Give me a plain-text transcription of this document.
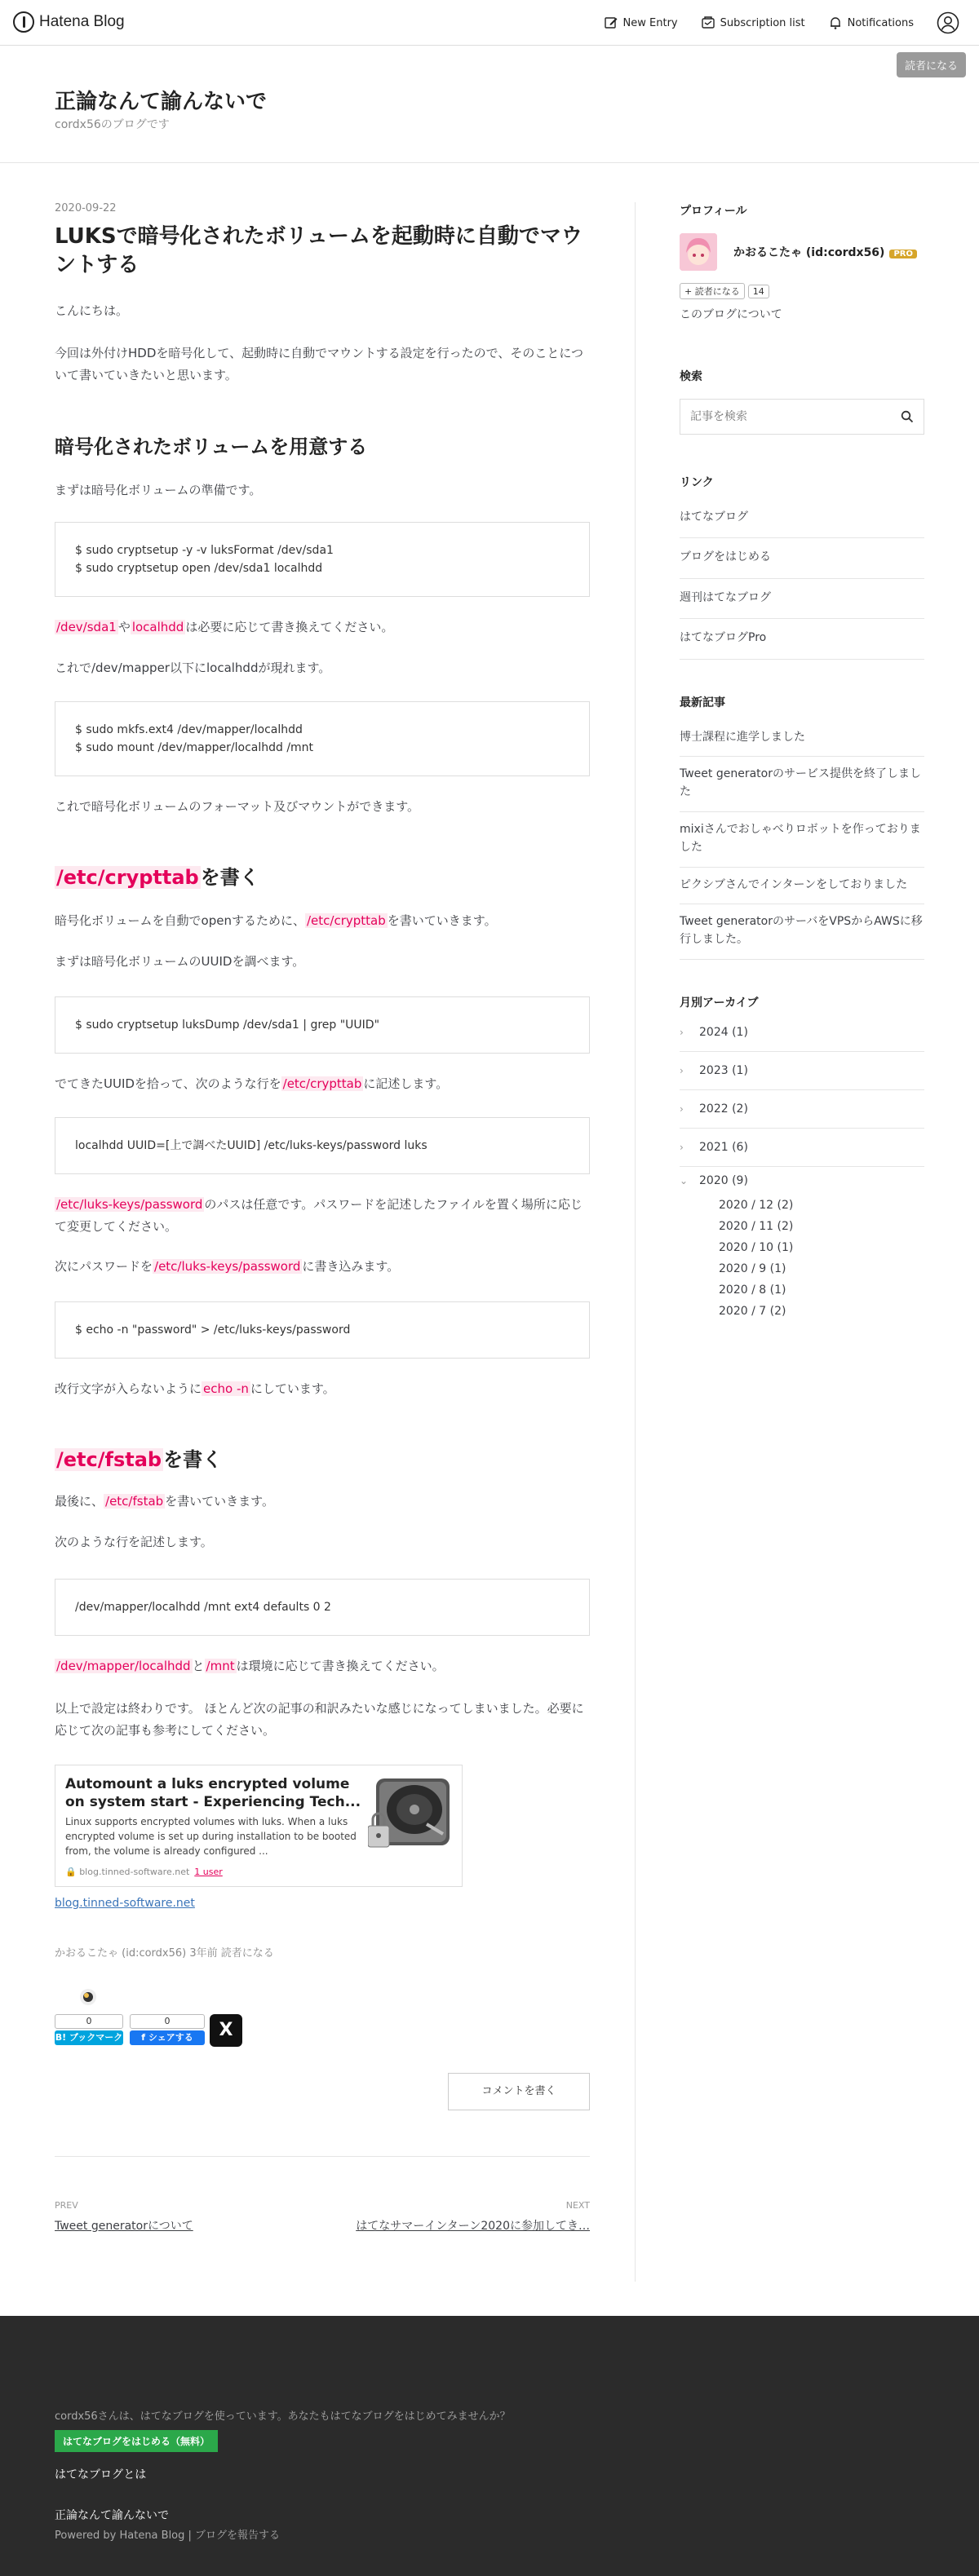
Hatena Blog	New Entry	Subscription list	Notifications
読者になる
正論なんて諭んないで
cordx56のブログです
2020-09-22
LUKSで暗号化されたボリュームを起動時に自動でマウントする
こんにちは。
今回は外付けHDDを暗号化して、起動時に自動でマウントする設定を行ったので、そのことについて書いていきたいと思います。
暗号化されたボリュームを用意する
まずは暗号化ボリュームの準備です。
$ sudo cryptsetup -y -v luksFormat /dev/sda1
$ sudo cryptsetup open /dev/sda1 localhdd
/dev/sda1 や localhdd は必要に応じて書き換えてください。
これで/dev/mapper以下にlocalhddが現れます。
$ sudo mkfs.ext4 /dev/mapper/localhdd
$ sudo mount /dev/mapper/localhdd /mnt
これで暗号化ボリュームのフォーマット及びマウントができます。
/etc/crypttabを書く
暗号化ボリュームを自動でopenするために、 /etc/crypttab を書いていきます。
まずは暗号化ボリュームのUUIDを調べます。
$ sudo cryptsetup luksDump /dev/sda1 | grep "UUID"
でてきたUUIDを拾って、次のような行を /etc/crypttab に記述します。
localhdd UUID=[上で調べたUUID] /etc/luks-keys/password luks
/etc/luks-keys/password のパスは任意です。パスワードを記述したファイルを置く場所に応じて変更してください。
次にパスワードを /etc/luks-keys/password に書き込みます。
$ echo -n "password" > /etc/luks-keys/password
改行文字が入らないように echo -n にしています。
/etc/fstabを書く
最後に、 /etc/fstab を書いていきます。
次のような行を記述します。
/dev/mapper/localhdd /mnt ext4 defaults 0 2
/dev/mapper/localhdd と /mnt は環境に応じて書き換えてください。
以上で設定は終わりです。 ほとんど次の記事の和訳みたいな感じになってしまいました。必要に応じて次の記事も参考にしてください。
Automount a luks encrypted volume on system start - Experiencing Tech...
Linux supports encrypted volumes with luks. When a luks encrypted volume is set up during installation to be booted from, the volume is already configured ...
🔒 blog.tinned-software.net 1 user
blog.tinned-software.net
かおるこたゃ (id:cordx56) 3年前 読者になる
0
B! ブックマーク
0
f シェアする	X
コメントを書く
PREV
Tweet generatorについて
NEXT
はてなサマーインターン2020に参加してき…
プロフィール
かおるこたゃ (id:cordx56) PRO
+ 読者になる 14
このブログについて
検索
記事を検索
リンク
はてなブログ
ブログをはじめる
週刊はてなブログ
はてなブログPro
最新記事
博士課程に進学しました
Tweet generatorのサービス提供を終了しました
mixiさんでおしゃべりロボットを作っておりました
ピクシブさんでインターンをしておりました
Tweet generatorのサーバをVPSからAWSに移行しました。
月別アーカイブ
›	2024 (1)
›	2023 (1)
›	2022 (2)
›	2021 (6)
⌄ 2020 (9)
2020 / 12 (2)
2020 / 11 (2)
2020 / 10 (1)
2020 / 9 (1)
2020 / 8 (1)
2020 / 7 (2)
cordx56さんは、はてなブログを使っています。あなたもはてなブログをはじめてみませんか？
はてなブログをはじめる（無料）
はてなブログとは
正論なんて諭んないで
Powered by Hatena Blog | ブログを報告する
